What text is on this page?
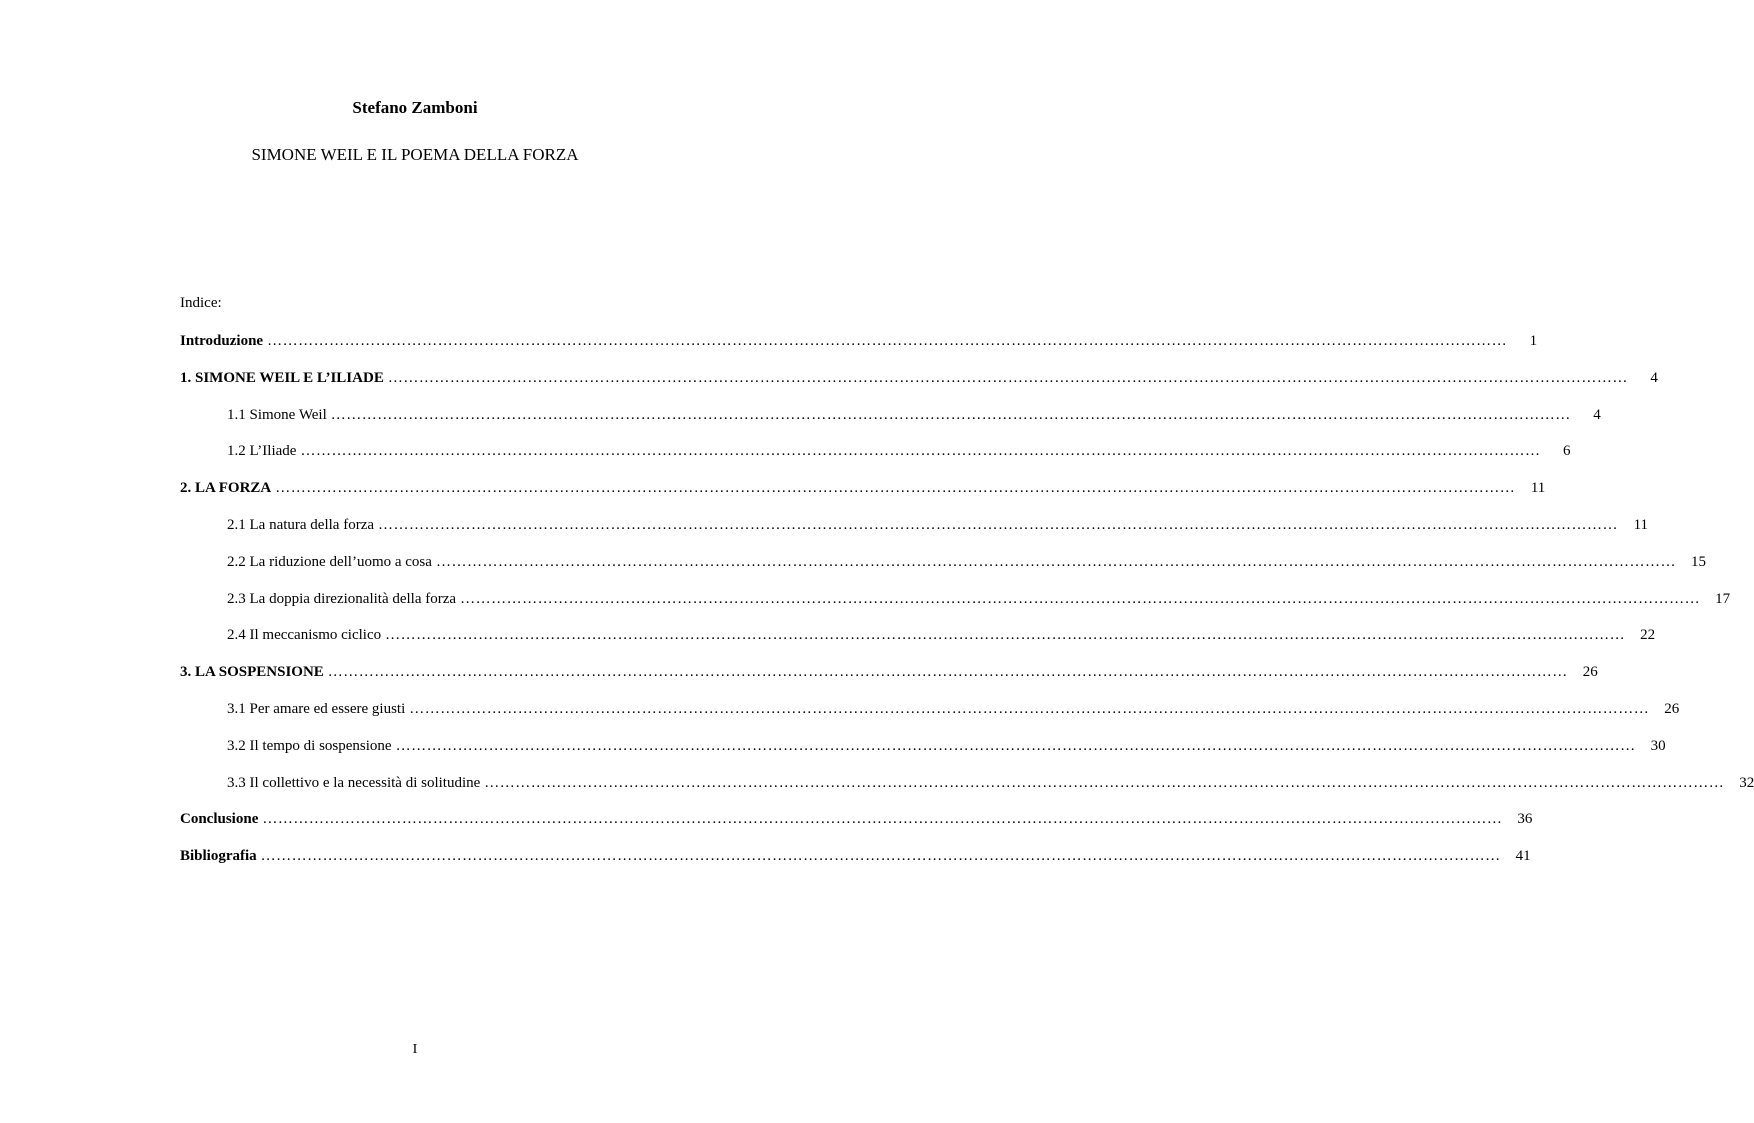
Stefano Zamboni
SIMONE WEIL E IL POEMA DELLA FORZA
Indice:
Introduzione ……………………………………………………………………………………………………………………………………………………………………………………………………………………	1
1. SIMONE WEIL E L’ILIADE ……………………………………………………………………………………………………………………………………………………………………………………………………………………	4
1.1 Simone Weil ……………………………………………………………………………………………………………………………………………………………………………………………………………………	4
1.2 L’Iliade ……………………………………………………………………………………………………………………………………………………………………………………………………………………	6
2. LA FORZA ……………………………………………………………………………………………………………………………………………………………………………………………………………………	11
2.1 La natura della forza ……………………………………………………………………………………………………………………………………………………………………………………………………………………	11
2.2 La riduzione dell’uomo a cosa ……………………………………………………………………………………………………………………………………………………………………………………………………………………	15
2.3 La doppia direzionalità della forza ……………………………………………………………………………………………………………………………………………………………………………………………………………………	17
2.4 Il meccanismo ciclico ……………………………………………………………………………………………………………………………………………………………………………………………………………………	22
3. LA SOSPENSIONE ……………………………………………………………………………………………………………………………………………………………………………………………………………………	26
3.1 Per amare ed essere giusti ……………………………………………………………………………………………………………………………………………………………………………………………………………………	26
3.2 Il tempo di sospensione ……………………………………………………………………………………………………………………………………………………………………………………………………………………	30
3.3 Il collettivo e la necessità di solitudine ……………………………………………………………………………………………………………………………………………………………………………………………………………………	32
Conclusione ……………………………………………………………………………………………………………………………………………………………………………………………………………………	36
Bibliografia ……………………………………………………………………………………………………………………………………………………………………………………………………………………	41
I
